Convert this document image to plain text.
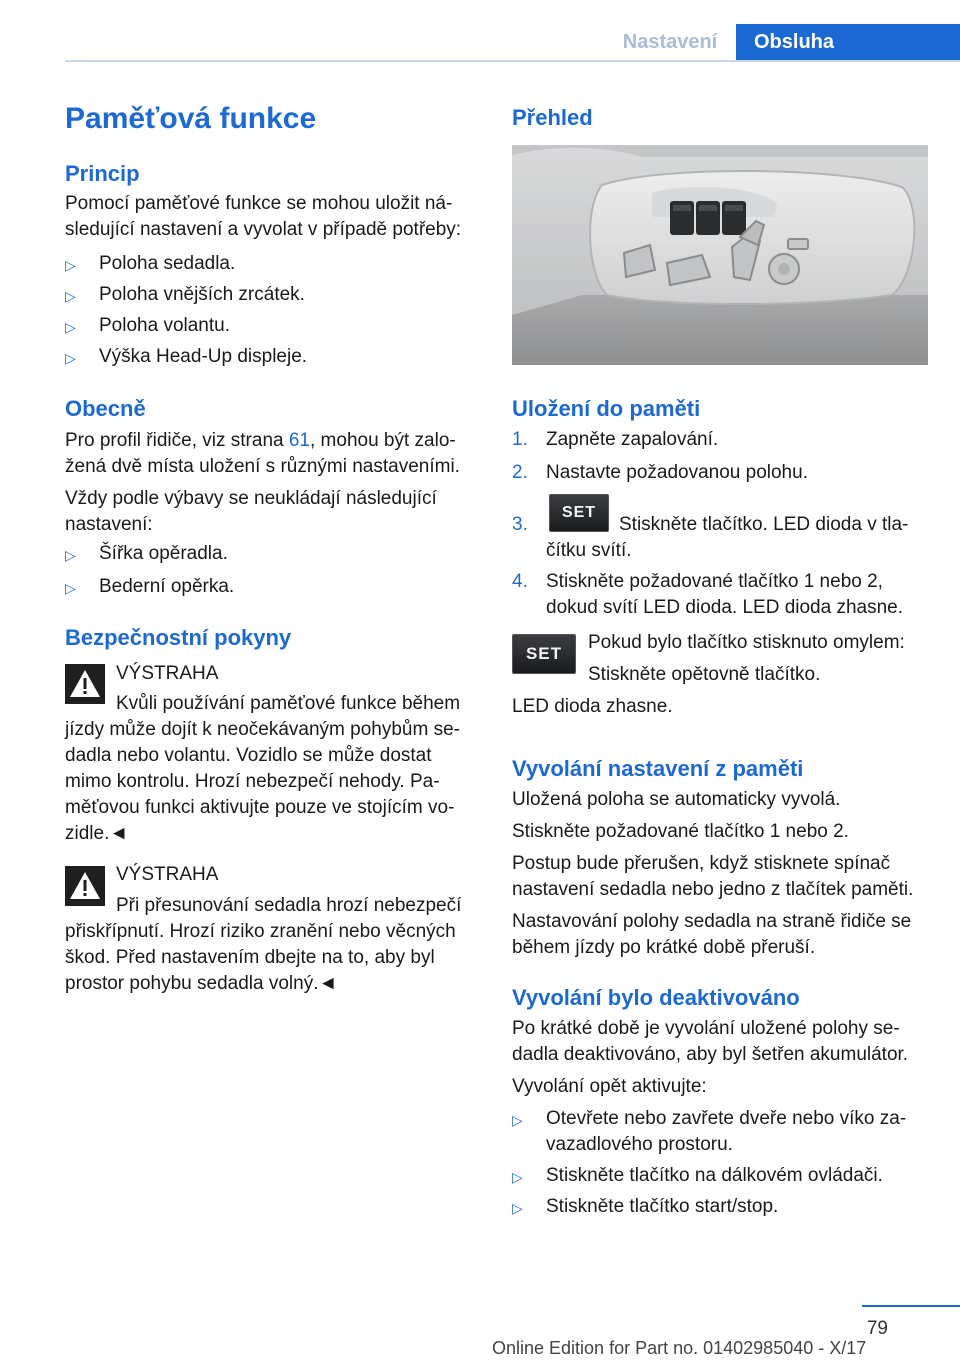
Nastavení	Obsluha
Paměťová funkce
Princip
Pomocí paměťové funkce se mohou uložit následující nastavení a vyvolat v případě potřeby:
▷	Poloha sedadla.
▷	Poloha vnějších zrcátek.
▷	Poloha volantu.
▷	Výška Head-Up displeje.
Obecně
Pro profil řidiče, viz strana 61, mohou být založená dvě místa uložení s různými nastaveními.
Vždy podle výbavy se neukládají následující nastavení:
▷	Šířka opěradla.
▷	Bederní opěrka.
Bezpečnostní pokyny
VÝSTRAHA
Kvůli používání paměťové funkce během jízdy může dojít k neočekávaným pohybům sedadla nebo volantu. Vozidlo se může dostat mimo kontrolu. Hrozí nebezpečí nehody. Paměťovou funkci aktivujte pouze ve stojícím vozidle.◄
VÝSTRAHA
Při přesunování sedadla hrozí nebezpečí přiskřípnutí. Hrozí riziko zranění nebo věcných škod. Před nastavením dbejte na to, aby byl prostor pohybu sedadla volný.◄
Přehled
Uložení do paměti
1. Zapněte zapalování.
2. Nastavte požadovanou polohu.
3.	Stiskněte tlačítko. LED dioda v tlačítku svítí.
SET
4. Stiskněte požadované tlačítko 1 nebo 2, dokud svítí LED dioda. LED dioda zhasne.
SET
Pokud bylo tlačítko stisknuto omylem:
Stiskněte opětovně tlačítko.
LED dioda zhasne.
Vyvolání nastavení z paměti
Uložená poloha se automaticky vyvolá.
Stiskněte požadované tlačítko 1 nebo 2.
Postup bude přerušen, když stisknete spínač nastavení sedadla nebo jedno z tlačítek paměti.
Nastavování polohy sedadla na straně řidiče se během jízdy po krátké době přeruší.
Vyvolání bylo deaktivováno
Po krátké době je vyvolání uložené polohy sedadla deaktivováno, aby byl šetřen akumulátor.
Vyvolání opět aktivujte:
▷	Otevřete nebo zavřete dveře nebo víko zavazadlového prostoru.
▷	Stiskněte tlačítko na dálkovém ovládači.
▷	Stiskněte tlačítko start/stop.
79
Online Edition for Part no. 01402985040 - X/17
